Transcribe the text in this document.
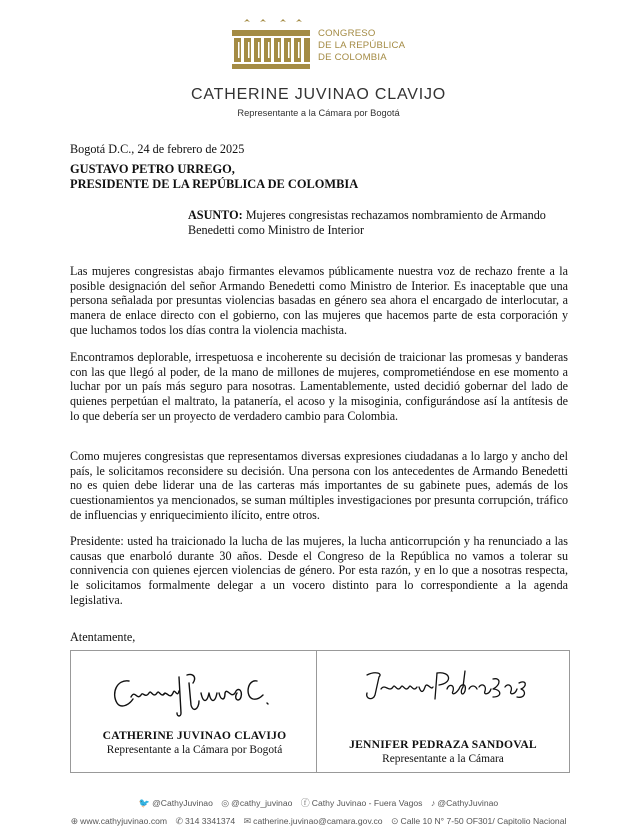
CONGRESO
DE LA REPÚBLICA
DE COLOMBIA
CATHERINE JUVINAO CLAVIJO
Representante a la Cámara por Bogotá
Bogotá D.C., 24 de febrero de 2025
GUSTAVO PETRO URREGO,
PRESIDENTE DE LA REPÚBLICA DE COLOMBIA
ASUNTO: Mujeres congresistas rechazamos nombramiento de Armando Benedetti como Ministro de Interior
Las mujeres congresistas abajo firmantes elevamos públicamente nuestra voz de rechazo frente a la posible designación del señor Armando Benedetti como Ministro de Interior. Es inaceptable que una persona señalada por presuntas violencias basadas en género sea ahora el encargado de interlocutar, a manera de enlace directo con el gobierno, con las mujeres que hacemos parte de esta corporación y que luchamos todos los días contra la violencia machista.
Encontramos deplorable, irrespetuosa e incoherente su decisión de traicionar las promesas y banderas con las que llegó al poder, de la mano de millones de mujeres, comprometiéndose en ese momento a luchar por un país más seguro para nosotras. Lamentablemente, usted decidió gobernar del lado de quienes perpetúan el maltrato, la patanería, el acoso y la misoginia, configurándose así la antítesis de lo que debería ser un proyecto de verdadero cambio para Colombia.
Como mujeres congresistas que representamos diversas expresiones ciudadanas a lo largo y ancho del país, le solicitamos reconsidere su decisión. Una persona con los antecedentes de Armando Benedetti no es quien debe liderar una de las carteras más importantes de su gabinete pues, además de los cuestionamientos ya mencionados, se suman múltiples investigaciones por presunta corrupción, tráfico de influencias y enriquecimiento ilícito, entre otros.
Presidente: usted ha traicionado la lucha de las mujeres, la lucha anticorrupción y ha renunciado a las causas que enarboló durante 30 años. Desde el Congreso de la República no vamos a tolerar su connivencia con quienes ejercen violencias de género. Por esta razón, y en lo que a nosotras respecta, le solicitamos formalmente delegar a un vocero distinto para lo correspondiente a la agenda legislativa.
Atentamente,
CATHERINE JUVINAO CLAVIJO
Representante a la Cámara por Bogotá	JENNIFER PEDRAZA SANDOVAL
Representante a la Cámara
🐦 @CathyJuvinao ◎ @cathy_juvinao ⓕ Cathy Juvinao - Fuera Vagos ♪ @CathyJuvinao
⊕ www.cathyjuvinao.com ✆ 314 3341374 ✉ catherine.juvinao@camara.gov.co ⊙ Calle 10 N° 7-50 OF301/ Capitolio Nacional
